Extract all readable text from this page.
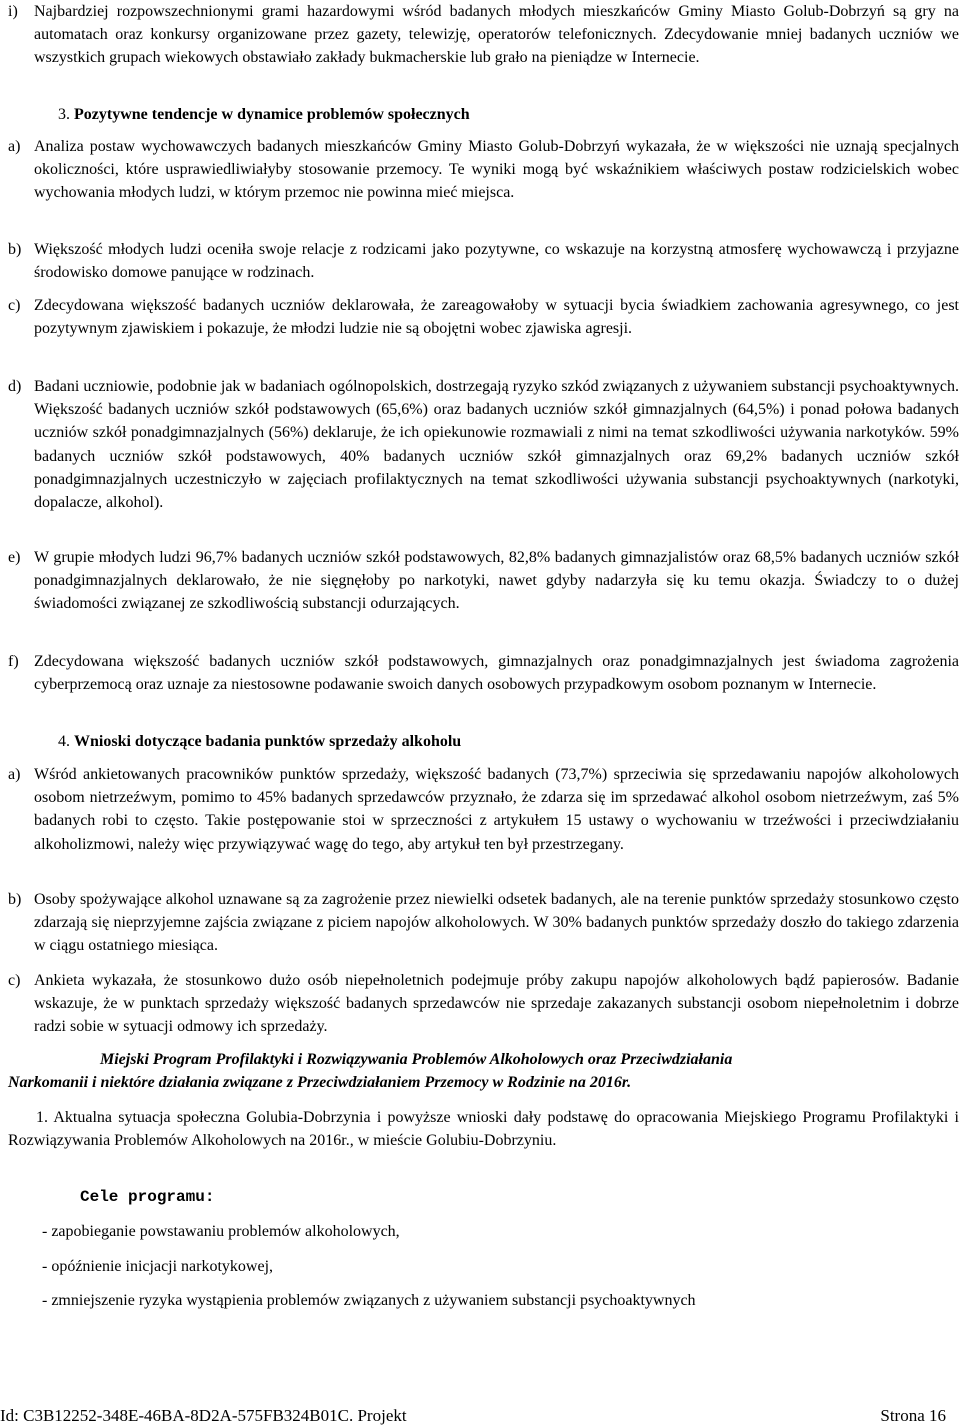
i)	Najbardziej rozpowszechnionymi grami hazardowymi wśród badanych młodych mieszkańców Gminy Miasto Golub-Dobrzyń są gry na automatach oraz konkursy organizowane przez gazety, telewizję, operatorów telefonicznych. Zdecydowanie mniej badanych uczniów we wszystkich grupach wiekowych obstawiało zakłady bukmacherskie lub grało na pieniądze w Internecie.
3. Pozytywne tendencje w dynamice problemów społecznych
a) Analiza postaw wychowawczych badanych mieszkańców Gminy Miasto Golub-Dobrzyń wykazała, że w większości nie uznają specjalnych okoliczności, które usprawiedliwiałyby stosowanie przemocy. Te wyniki mogą być wskaźnikiem właściwych postaw rodzicielskich wobec wychowania młodych ludzi, w którym przemoc nie powinna mieć miejsca.
b) Większość młodych ludzi oceniła swoje relacje z rodzicami jako pozytywne, co wskazuje na korzystną atmosferę wychowawczą i przyjazne środowisko domowe panujące w rodzinach.
c) Zdecydowana większość badanych uczniów deklarowała, że zareagowałoby w sytuacji bycia świadkiem zachowania agresywnego, co jest pozytywnym zjawiskiem i pokazuje, że młodzi ludzie nie są obojętni wobec zjawiska agresji.
d) Badani uczniowie, podobnie jak w badaniach ogólnopolskich, dostrzegają ryzyko szkód związanych z używaniem substancji psychoaktywnych. Większość badanych uczniów szkół podstawowych (65,6%) oraz badanych uczniów szkół gimnazjalnych (64,5%) i ponad połowa badanych uczniów szkół ponadgimnazjalnych (56%) deklaruje, że ich opiekunowie rozmawiali z nimi na temat szkodliwości używania narkotyków. 59% badanych uczniów szkół podstawowych, 40% badanych uczniów szkół gimnazjalnych oraz 69,2% badanych uczniów szkół ponadgimnazjalnych uczestniczyło w zajęciach profilaktycznych na temat szkodliwości używania substancji psychoaktywnych (narkotyki, dopalacze, alkohol).
e) W grupie młodych ludzi 96,7% badanych uczniów szkół podstawowych, 82,8% badanych gimnazjalistów oraz 68,5% badanych uczniów szkół ponadgimnazjalnych deklarowało, że nie sięgnęłoby po narkotyki, nawet gdyby nadarzyła się ku temu okazja. Świadczy to o dużej świadomości związanej ze szkodliwością substancji odurzających.
f) Zdecydowana większość badanych uczniów szkół podstawowych, gimnazjalnych oraz ponadgimnazjalnych jest świadoma zagrożenia cyberprzemocą oraz uznaje za niestosowne podawanie swoich danych osobowych przypadkowym osobom poznanym w Internecie.
4. Wnioski dotyczące badania punktów sprzedaży alkoholu
a) Wśród ankietowanych pracowników punktów sprzedaży, większość badanych (73,7%) sprzeciwia się sprzedawaniu napojów alkoholowych osobom nietrzeźwym, pomimo to 45% badanych sprzedawców przyznało, że zdarza się im sprzedawać alkohol osobom nietrzeźwym, zaś 5% badanych robi to często. Takie postępowanie stoi w sprzeczności z artykułem 15 ustawy o wychowaniu w trzeźwości i przeciwdziałaniu alkoholizmowi, należy więc przywiązywać wagę do tego, aby artykuł ten był przestrzegany.
b) Osoby spożywające alkohol uznawane są za zagrożenie przez niewielki odsetek badanych, ale na terenie punktów sprzedaży stosunkowo często zdarzają się nieprzyjemne zajścia związane z piciem napojów alkoholowych. W 30% badanych punktów sprzedaży doszło do takiego zdarzenia w ciągu ostatniego miesiąca.
c) Ankieta wykazała, że stosunkowo dużo osób niepełnoletnich podejmuje próby zakupu napojów alkoholowych bądź papierosów. Badanie wskazuje, że w punktach sprzedaży większość badanych sprzedawców nie sprzedaje zakazanych substancji osobom niepełnoletnim i dobrze radzi sobie w sytuacji odmowy ich sprzedaży.
Miejski Program Profilaktyki i Rozwiązywania Problemów Alkoholowych oraz Przeciwdziałania
Narkomanii i niektóre działania związane z Przeciwdziałaniem Przemocy w Rodzinie na 2016r.

1. Aktualna sytuacja społeczna Golubia-Dobrzynia i powyższe wnioski dały podstawę do opracowania Miejskiego Programu Profilaktyki i Rozwiązywania Problemów Alkoholowych na 2016r., w mieście Golubiu-Dobrzyniu.

Cele programu:
- zapobieganie powstawaniu problemów alkoholowych,
- opóźnienie inicjacji narkotykowej,
- zmniejszenie ryzyka wystąpienia problemów związanych z używaniem substancji psychoaktywnych
Id: C3B12252-348E-46BA-8D2A-575FB324B01C. Projekt	Strona 16
